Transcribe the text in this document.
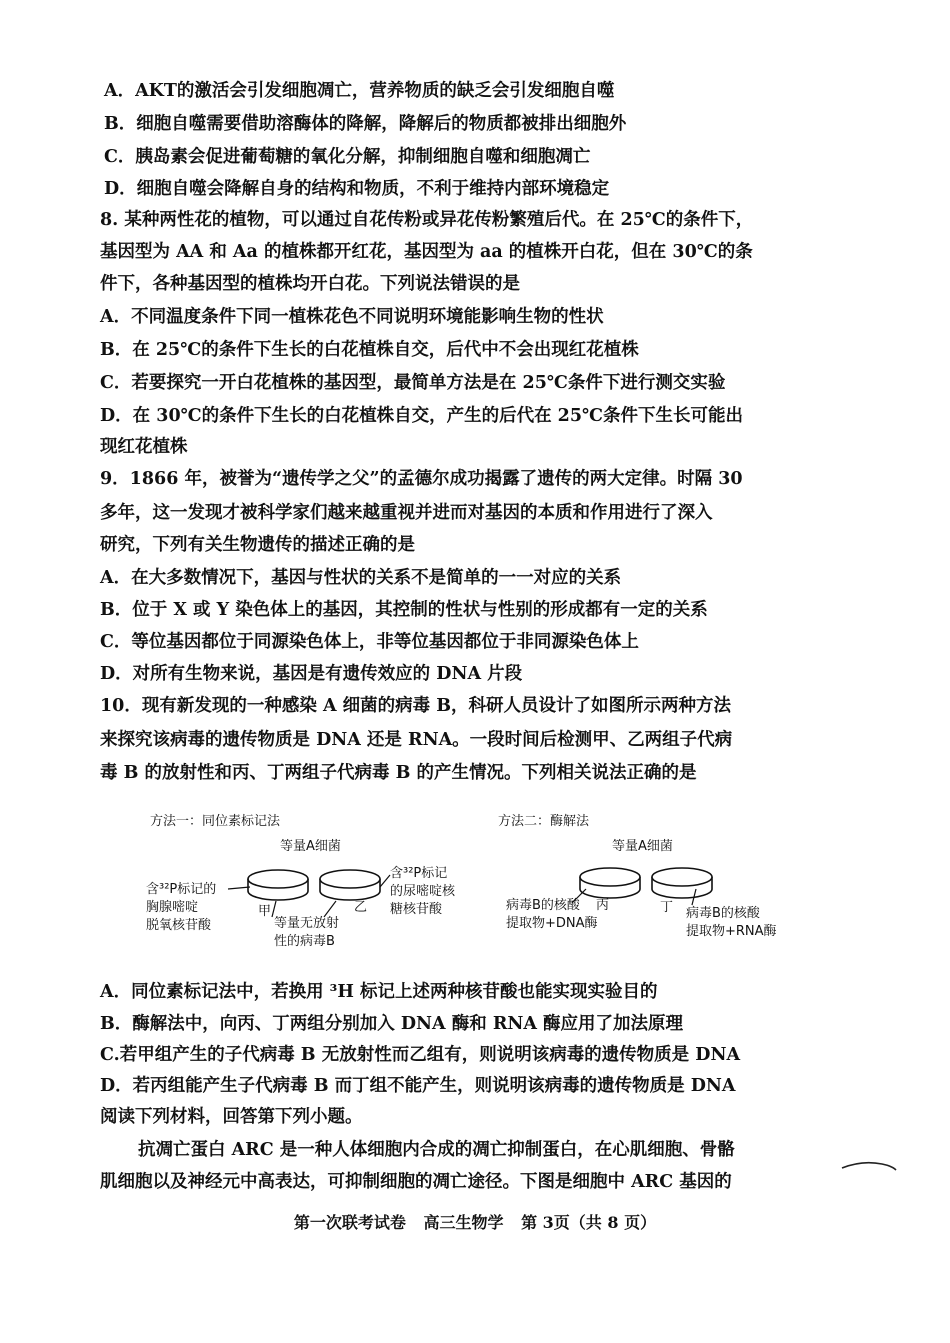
A．AKT的激活会引发细胞凋亡，营养物质的缺乏会引发细胞自噬
B．细胞自噬需要借助溶酶体的降解，降解后的物质都被排出细胞外
C．胰岛素会促进葡萄糖的氧化分解，抑制细胞自噬和细胞凋亡
D．细胞自噬会降解自身的结构和物质，不利于维持内部环境稳定
8. 某种两性花的植物，可以通过自花传粉或异花传粉繁殖后代。在 25℃的条件下，
基因型为 AA 和 Aa 的植株都开红花，基因型为 aa 的植株开白花，但在 30℃的条
件下，各种基因型的植株均开白花。下列说法错误的是
A．不同温度条件下同一植株花色不同说明环境能影响生物的性状
B．在 25℃的条件下生长的白花植株自交，后代中不会出现红花植株
C．若要探究一开白花植株的基因型，最简单方法是在 25℃条件下进行测交实验
D．在 30℃的条件下生长的白花植株自交，产生的后代在 25℃条件下生长可能出
现红花植株
9．1866 年，被誉为“遗传学之父”的孟德尔成功揭露了遗传的两大定律。时隔 30
多年，这一发现才被科学家们越来越重视并进而对基因的本质和作用进行了深入
研究，下列有关生物遗传的描述正确的是
A．在大多数情况下，基因与性状的关系不是简单的一一对应的关系
B．位于 X 或 Y 染色体上的基因，其控制的性状与性别的形成都有一定的关系
C．等位基因都位于同源染色体上，非等位基因都位于非同源染色体上
D．对所有生物来说，基因是有遗传效应的 DNA 片段
10．现有新发现的一种感染 A 细菌的病毒 B，科研人员设计了如图所示两种方法
来探究该病毒的遗传物质是 DNA 还是 RNA。一段时间后检测甲、乙两组子代病
毒 B 的放射性和丙、丁两组子代病毒 B 的产生情况。下列相关说法正确的是
方法一：同位素标记法	方法二：酶解法
等量A细菌	等量A细菌
含³²P标记的
胸腺嘧啶
脱氧核苷酸
甲	乙
等量无放射
性的病毒B
含³²P标记
的尿嘧啶核
糖核苷酸	病毒B的核酸
提取物+DNA酶
丙	丁 病毒B的核酸
提取物+RNA酶
A．同位素标记法中，若换用 ³H 标记上述两种核苷酸也能实现实验目的
B．酶解法中，向丙、丁两组分别加入 DNA 酶和 RNA 酶应用了加法原理
C.若甲组产生的子代病毒 B 无放射性而乙组有，则说明该病毒的遗传物质是 DNA
D．若丙组能产生子代病毒 B 而丁组不能产生，则说明该病毒的遗传物质是 DNA
阅读下列材料，回答第下列小题。
抗凋亡蛋白 ARC 是一种人体细胞内合成的凋亡抑制蛋白，在心肌细胞、骨骼
肌细胞以及神经元中高表达，可抑制细胞的凋亡途径。下图是细胞中 ARC 基因的
第一次联考试卷 高三生物学 第 3页（共 8 页）
